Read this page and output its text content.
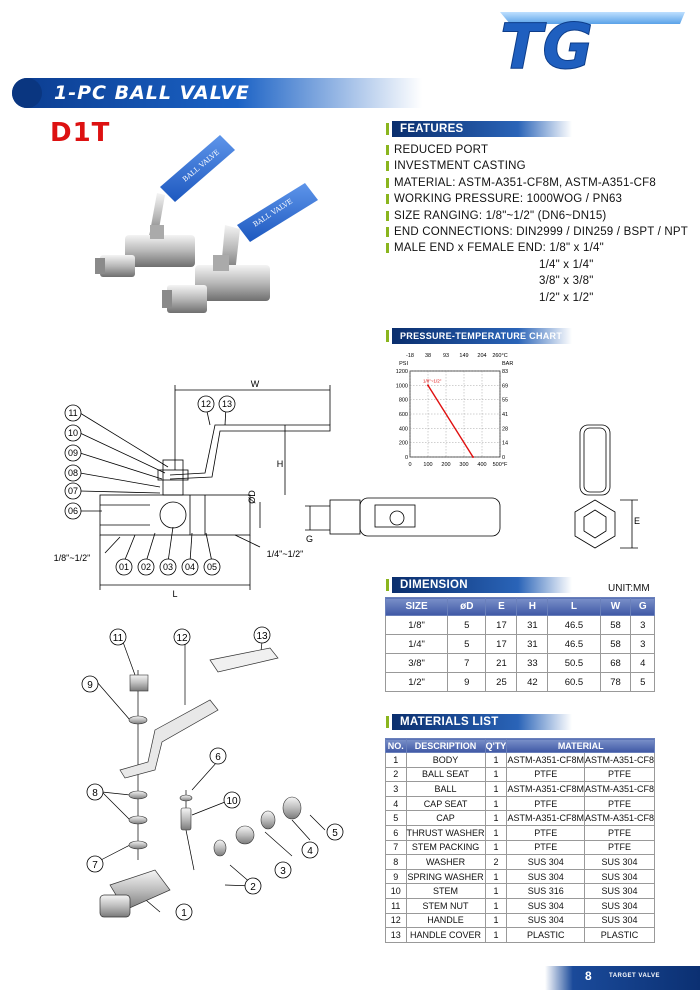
TG
1-PC BALL VALVE
D1T
BALL VALVE
BALL VALVE
FEATURES
REDUCED PORT
INVESTMENT CASTING
MATERIAL: ASTM-A351-CF8M, ASTM-A351-CF8
WORKING PRESSURE: 1000WOG / PN63
SIZE RANGING: 1/8"~1/2" (DN6~DN15)
END CONNECTIONS: DIN2999 / DIN259 / BSPT / NPT
MALE END x FEMALE END: 1/8" x 1/4"
1/4" x 1/4"
3/8" x 3/8"
1/2" x 1/2"
PRESSURE-TEMPERATURE CHART
0
-18
100
38
200
93
300
149
400
204
500°F
260°C
0	0
200	14
400	28
600	41
800	55
1000	69
1200	83
PSI	BAR
1/8"~1/2"
11
10
09
08
07
06
01 02 03 04 05
12 13
W
H
L
ØD
1/8"~1/2"	1/4"~1/2"
G
E
11	12	13
9
6
8
10
7
5
4
3
2
1
DIMENSION	UNIT:MM
SIZE	øD	E	H	L	W	G
1/8"	5	17	31	46.5	58	3
1/4"	5	17	31	46.5	58	3
3/8"	7	21	33	50.5	68	4
1/2"	9	25	42	60.5	78	5
MATERIALS LIST
NO.	DESCRIPTION	Q'TY	MATERIAL	
1	BODY	1	ASTM-A351-CF8M	ASTM-A351-CF8
2	BALL SEAT	1	PTFE	PTFE
3	BALL	1	ASTM-A351-CF8M	ASTM-A351-CF8
4	CAP SEAT	1	PTFE	PTFE
5	CAP	1	ASTM-A351-CF8M	ASTM-A351-CF8
6	THRUST WASHER	1	PTFE	PTFE
7	STEM PACKING	1	PTFE	PTFE
8	WASHER	2	SUS 304	SUS 304
9	SPRING WASHER	1	SUS 304	SUS 304
10	STEM	1	SUS 316	SUS 304
11	STEM NUT	1	SUS 304	SUS 304
12	HANDLE	1	SUS 304	SUS 304
13	HANDLE COVER	1	PLASTIC	PLASTIC
8	TARGET VALVE
